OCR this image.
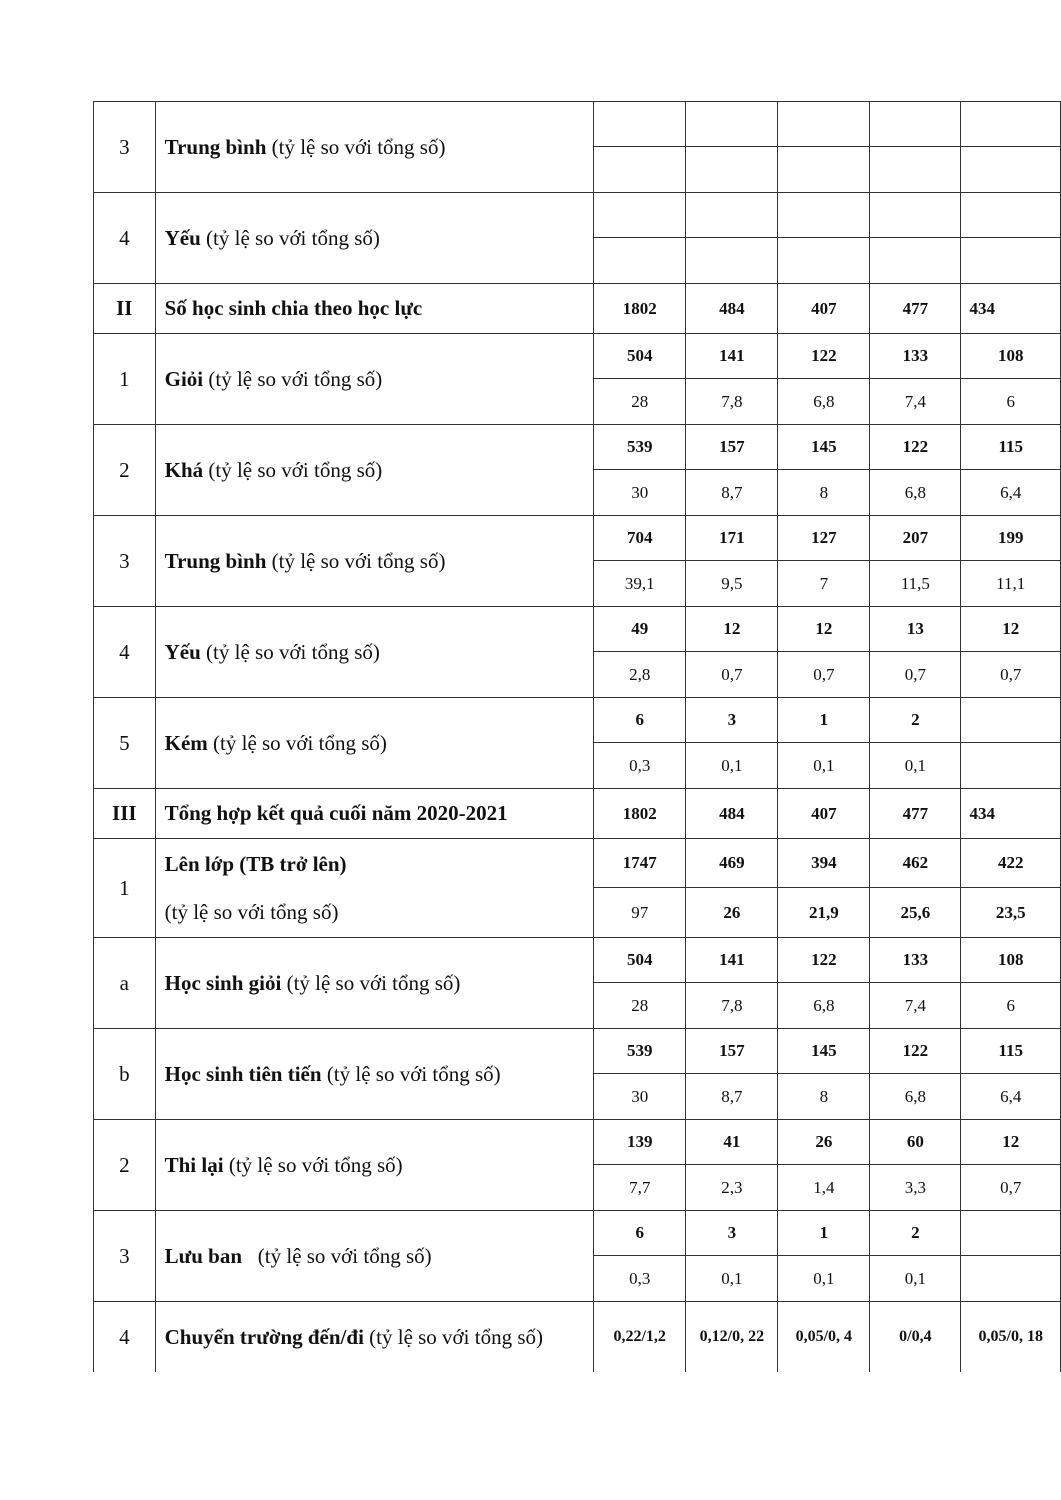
3	Trung bình (tỷ lệ so với tổng số)					

4	Yếu (tỷ lệ so với tổng số)					

II	Số học sinh chia theo học lực	1802	484	407	477	434
1	Giỏi (tỷ lệ so với tổng số)	504	141	122	133	108
		28	7,8	6,8	7,4	6
2	Khá (tỷ lệ so với tổng số)	539	157	145	122	115
		30	8,7	8	6,8	6,4
3	Trung bình (tỷ lệ so với tổng số)	704	171	127	207	199
		39,1	9,5	7	11,5	11,1
4	Yếu (tỷ lệ so với tổng số)	49	12	12	13	12
		2,8	0,7	0,7	0,7	0,7
5	Kém (tỷ lệ so với tổng số)	6	3	1	2	
		0,3	0,1	0,1	0,1	
III	Tổng hợp kết quả cuối năm 2020-2021	1802	484	407	477	434
1	Lên lớp (TB trở lên)
(tỷ lệ so với tổng số)	1747	469	394	462	422
		97	26	21,9	25,6	23,5
a	Học sinh giỏi (tỷ lệ so với tổng số)	504	141	122	133	108
		28	7,8	6,8	7,4	6
b	Học sinh tiên tiến (tỷ lệ so với tổng số)	539	157	145	122	115
		30	8,7	8	6,8	6,4
2	Thi lại (tỷ lệ so với tổng số)	139	41	26	60	12
		7,7	2,3	1,4	3,3	0,7
3	Lưu ban   (tỷ lệ so với tổng số)	6	3	1	2	
		0,3	0,1	0,1	0,1	
4	Chuyển trường đến/đi (tỷ lệ so với tổng số)	0,22/1,2	0,12/0, 22	0,05/0, 4	0/0,4	0,05/0, 18
